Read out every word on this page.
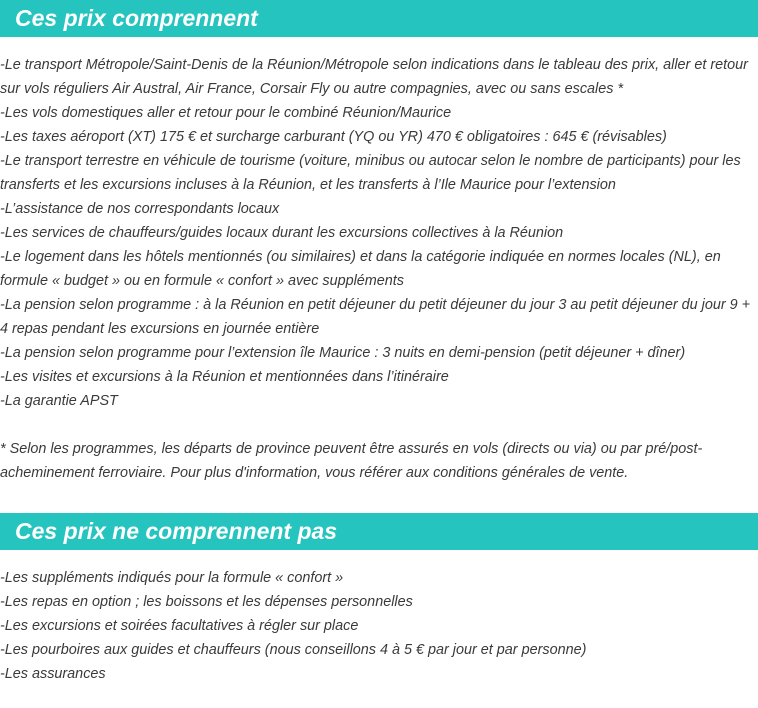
Ces prix comprennent

-Le transport Métropole/Saint-Denis de la Réunion/Métropole selon indications dans le tableau des prix, aller et retour sur vols réguliers Air Austral, Air France, Corsair Fly ou autre compagnies, avec ou sans escales *

-Les vols domestiques aller et retour pour le combiné Réunion/Maurice

-Les taxes aéroport (XT) 175 € et surcharge carburant (YQ ou YR) 470 € obligatoires : 645 € (révisables)

-Le transport terrestre en véhicule de tourisme (voiture, minibus ou autocar selon le nombre de participants) pour les transferts et les excursions incluses à la Réunion, et les transferts à l’Ile Maurice pour l’extension

-L’assistance de nos correspondants locaux

-Les services de chauffeurs/guides locaux durant les excursions collectives à la Réunion

-Le logement dans les hôtels mentionnés (ou similaires) et dans la catégorie indiquée en normes locales (NL), en formule « budget » ou en formule « confort » avec suppléments

-La pension selon programme : à la Réunion en petit déjeuner du petit déjeuner du jour 3 au petit déjeuner du jour 9 + 4 repas pendant les excursions en journée entière

-La pension selon programme pour l’extension île Maurice : 3 nuits en demi-pension (petit déjeuner + dîner)

-Les visites et excursions à la Réunion et mentionnées dans l’itinéraire

-La garantie APST

* Selon les programmes, les départs de province peuvent être assurés en vols (directs ou via) ou par pré/post-acheminement ferroviaire. Pour plus d'information, vous référer aux conditions générales de vente.

Ces prix ne comprennent pas

-Les suppléments indiqués pour la formule « confort »

-Les repas en option ; les boissons et les dépenses personnelles

-Les excursions et soirées facultatives à régler sur place

-Les pourboires aux guides et chauffeurs (nous conseillons 4 à 5 € par jour et par personne)

-Les assurances
